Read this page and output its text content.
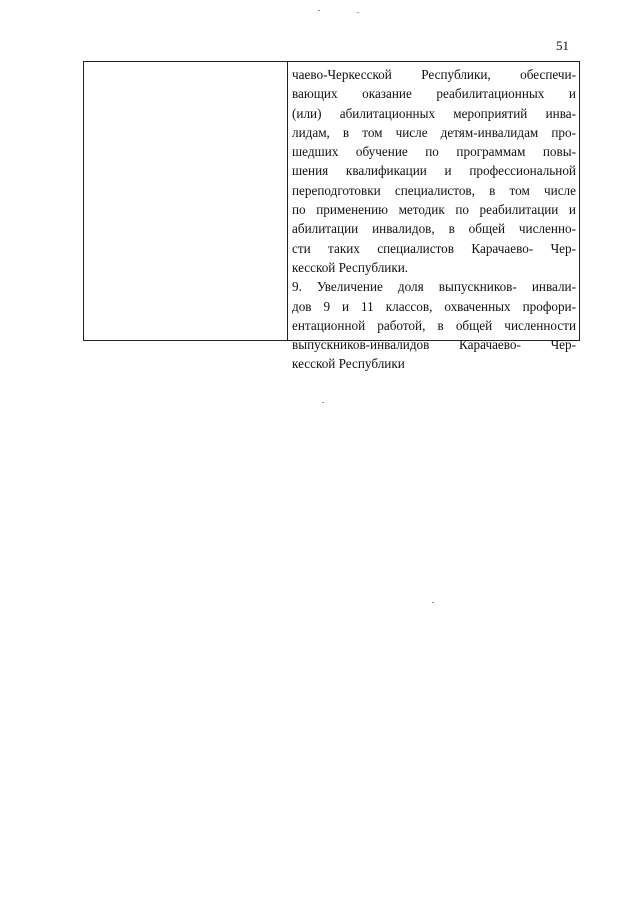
51
чаево-Черкесской Республики, обеспечи-
вающих оказание реабилитационных и
(или) абилитационных мероприятий инва-
лидам, в том числе детям-инвалидам про-
шедших обучение по программам повы-
шения квалификации и профессиональной
переподготовки специалистов, в том числе
по применению методик по реабилитации и
абилитации инвалидов, в общей численно-
сти таких специалистов Карачаево- Чер-
кесской Республики.
9. Увеличение доля выпускников- инвали-
дов 9 и 11 классов, охваченных профори-
ентационной работой, в общей численности
выпускников-инвалидов Карачаево- Чер-
кесской Республики
